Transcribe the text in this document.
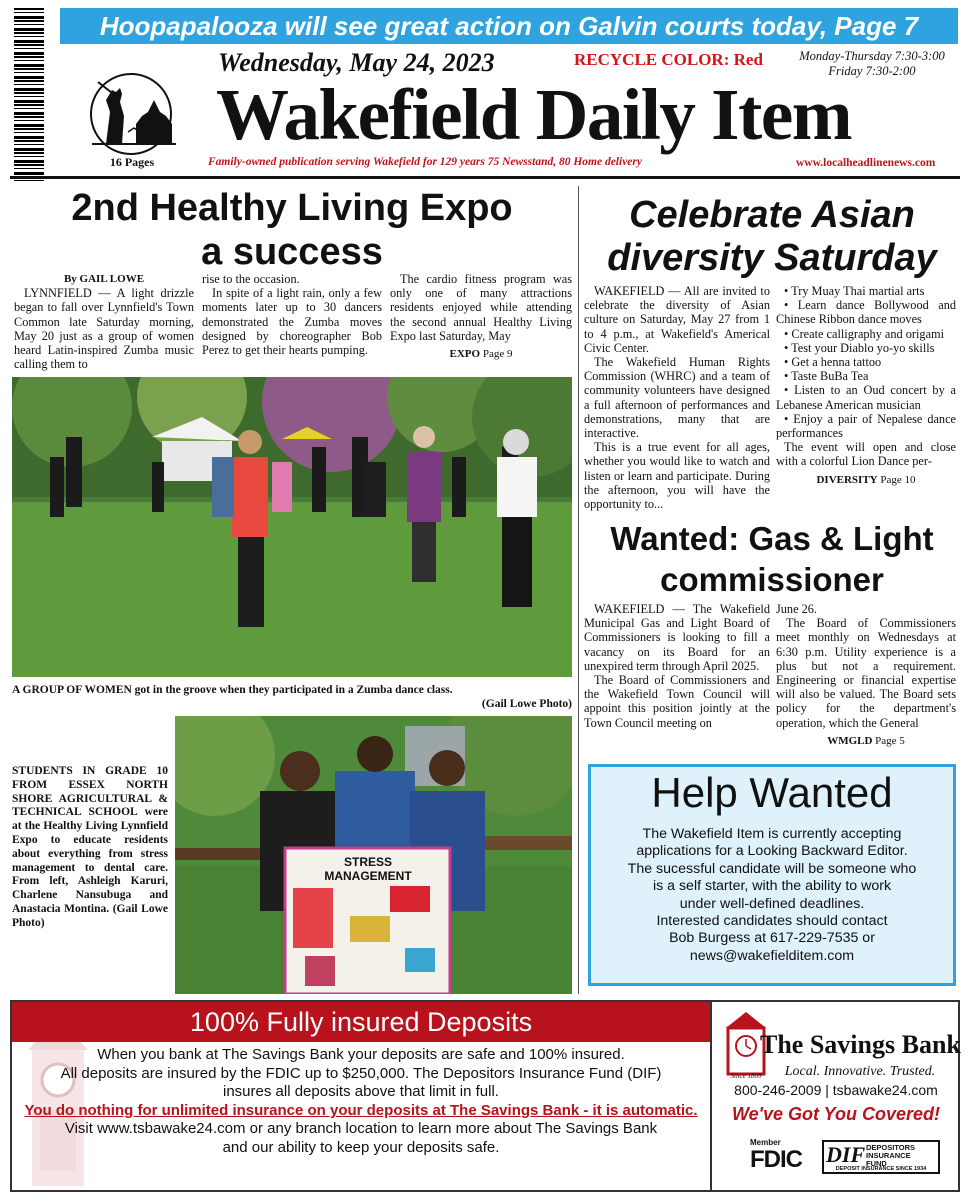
Hoopapalooza will see great action on Galvin courts today, Page 7
Wednesday, May 24, 2023	RECYCLE COLOR: Red	Monday-Thursday 7:30-3:00
Friday 7:30-2:00
16 Pages
Wakefield Daily Item
Family-owned publication serving Wakefield for 129 years 75 Newsstand, 80 Home delivery	www.localheadlinenews.com
2nd Healthy Living Expo
a success

By GAIL LOWE

LYNNFIELD — A light drizzle began to fall over Lynnfield's Town Common late Saturday morning, May 20 just as a group of women heard Latin-inspired Zumba music calling them to

rise to the occasion.

In spite of a light rain, only a few moments later up to 30 dancers demonstrated the Zumba moves designed by choreographer Bob Perez to get their hearts pumping.

The cardio fitness program was only one of many attractions residents enjoyed while attending the second annual Healthy Living Expo last Saturday, May

EXPO Page 9
A GROUP OF WOMEN got in the groove when they participated in a Zumba dance class.
(Gail Lowe Photo)
STRESS
MANAGEMENT
STUDENTS IN GRADE 10 FROM ESSEX NORTH SHORE AGRICULTURAL & TECHNICAL SCHOOL were at the Healthy Living Lynnfield Expo to educate residents about everything from stress management to dental care. From left, Ashleigh Karuri, Charlene Nansubuga and Anastacia Montina. (Gail Lowe Photo)
Celebrate Asian
diversity Saturday

WAKEFIELD — All are invited to celebrate the diversity of Asian culture on Saturday, May 27 from 1 to 4 p.m., at Wakefield's Americal Civic Center.

The Wakefield Human Rights Commission (WHRC) and a team of community volunteers have designed a full afternoon of performances and demonstrations, many that are interactive.

This is a true event for all ages, whether you would like to watch and listen or learn and participate. During the afternoon, you will have the opportunity to...

• Try Muay Thai martial arts

• Learn dance Bollywood and Chinese Ribbon dance moves

• Create calligraphy and origami

• Test your Diablo yo-yo skills

• Get a henna tattoo

• Taste BuBa Tea

• Listen to an Oud concert by a Lebanese American musician

• Enjoy a pair of Nepalese dance performances

The event will open and close with a colorful Lion Dance per-

DIVERSITY Page 10
Wanted: Gas & Light
commissioner

WAKEFIELD — The Wakefield Municipal Gas and Light Board of Commissioners is looking to fill a vacancy on its Board for an unexpired term through April 2025.

The Board of Commissioners and the Wakefield Town Council will appoint this position jointly at the Town Council meeting on

June 26.

The Board of Commissioners meet monthly on Wednesdays at 6:30 p.m. Utility experience is a plus but not a requirement. Engineering or financial expertise will also be valued. The Board sets policy for the department's operation, which the General

WMGLD Page 5
Help Wanted
The Wakefield Item is currently accepting
applications for a Looking Backward Editor.
The sucessful candidate will be someone who
is a self starter, with the ability to work
under well-defined deadlines.
Interested candidates should contact
Bob Burgess at 617-229-7535 or
news@wakefielditem.com
100% Fully insured Deposits
When you bank at The Savings Bank your deposits are safe and 100% insured.
All deposits are insured by the FDIC up to $250,000. The Depositors Insurance Fund (DIF)
insures all deposits above that limit in full.
You do nothing for unlimited insurance on your deposits at The Savings Bank - it is automatic.
Visit www.tsbawake24.com or any branch location to learn more about The Savings Bank
and our ability to keep your deposits safe.
Since 1869
The Savings Bank
Local. Innovative. Trusted.
800-246-2009 | tsbawake24.com
We've Got You Covered!
Member
FDIC DIF DEPOSITORS
INSURANCE
FUND
DEPOSIT INSURANCE SINCE 1934
